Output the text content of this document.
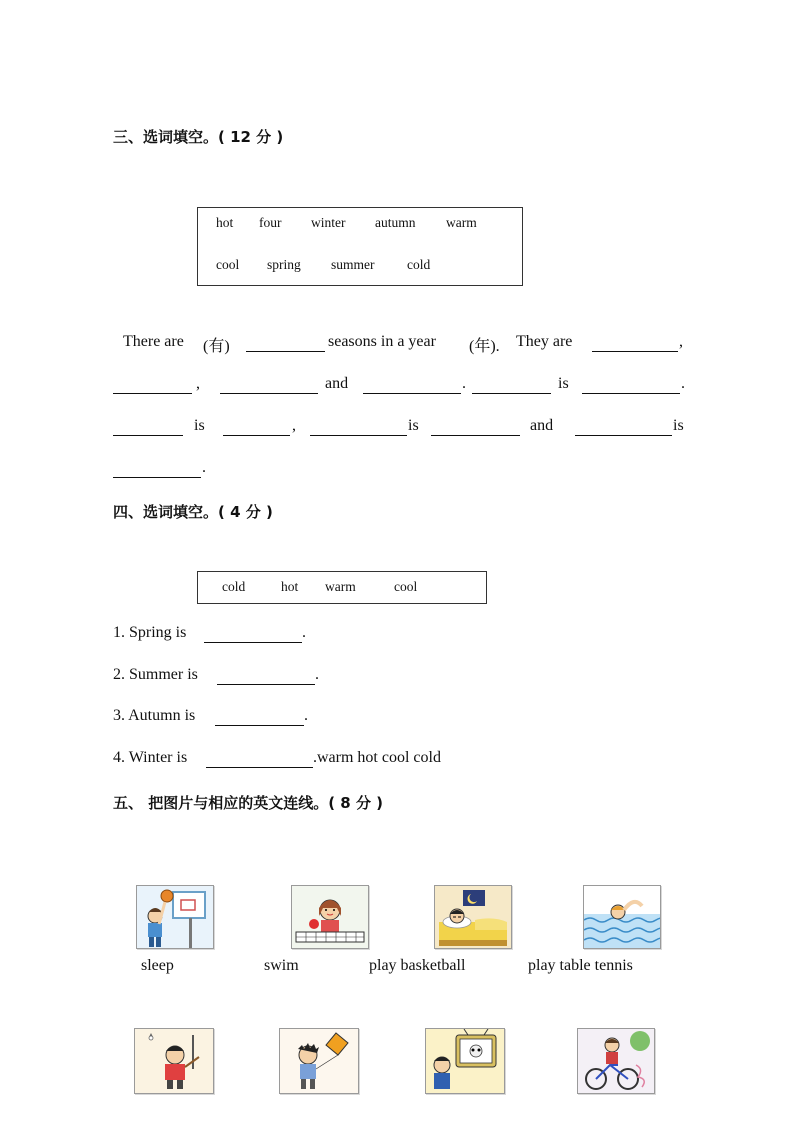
三、选词填空。( 12 分 )
hot four winter autumn warm
cool spring summer cold
There are (有)	seasons in a year (年). They are	,
,	and	.	is	.
is	,	is	and	is
.
四、选词填空。( 4 分 )
cold	hot warm	cool
1. Spring is	.
2. Summer is	.
3. Autumn is	.
4. Winter is	.warm hot cool cold
五、 把图片与相应的英文连线。( 8 分 )
sleep	swim	play basketball	play table tennis
